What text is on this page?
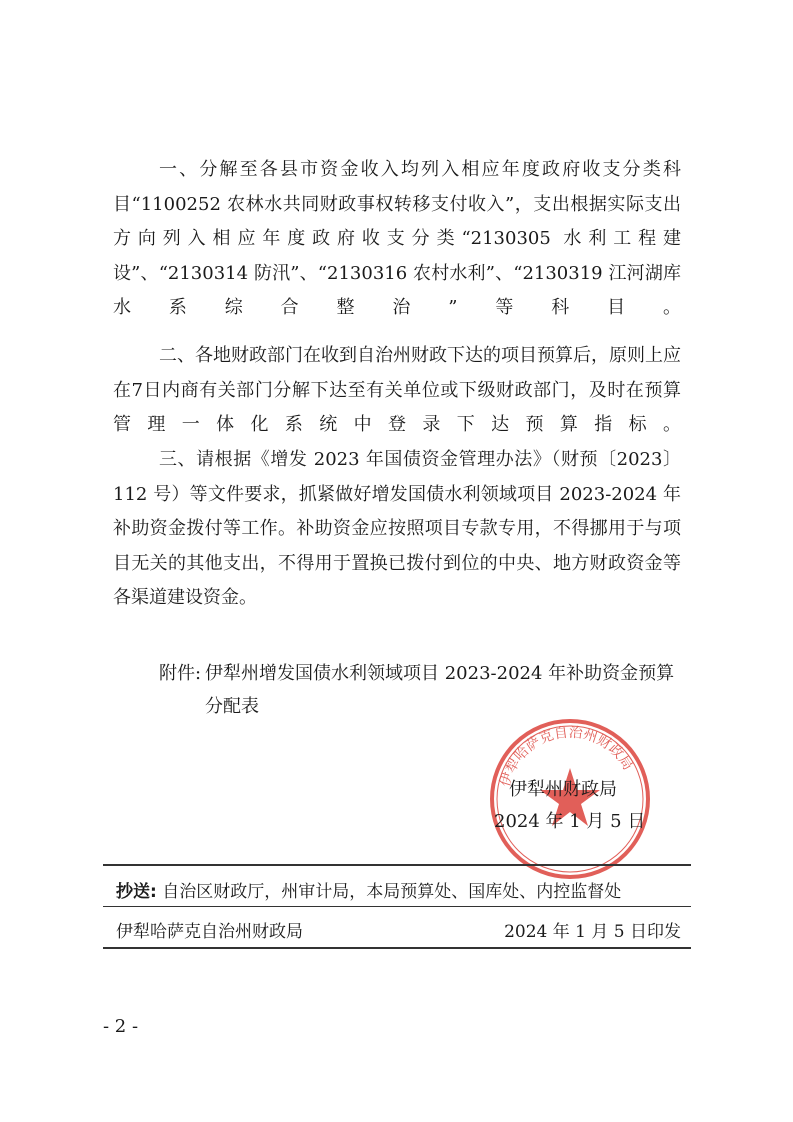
一、分解至各县市资金收入均列入相应年度政府收支分类科目“1100252 农林水共同财政事权转移支付收入”，支出根据实际支出方向列入相应年度政府收支分类“2130305 水利工程建设”、“2130314 防汛”、“2130316 农村水利”、“2130319 江河湖库水系综合整治”等科目。

二、各地财政部门在收到自治州财政下达的项目预算后，原则上应在7日内商有关部门分解下达至有关单位或下级财政部门，及时在预算管理一体化系统中登录下达预算指标。

三、请根据《增发 2023 年国债资金管理办法》（财预〔2023〕112 号）等文件要求，抓紧做好增发国债水利领域项目 2023-2024 年补助资金拨付等工作。补助资金应按照项目专款专用，不得挪用于与项目无关的其他支出，不得用于置换已拨付到位的中央、地方财政资金等各渠道建设资金。

附件: 伊犁州增发国债水利领域项目 2023-2024 年补助资金预算分配表
伊犁哈萨克自治州财政局
伊犁州财政局
2024 年 1 月 5 日
抄送: 自治区财政厅，州审计局，本局预算处、国库处、内控监督处
伊犁哈萨克自治州财政局	2024 年 1 月 5 日印发
- 2 -
